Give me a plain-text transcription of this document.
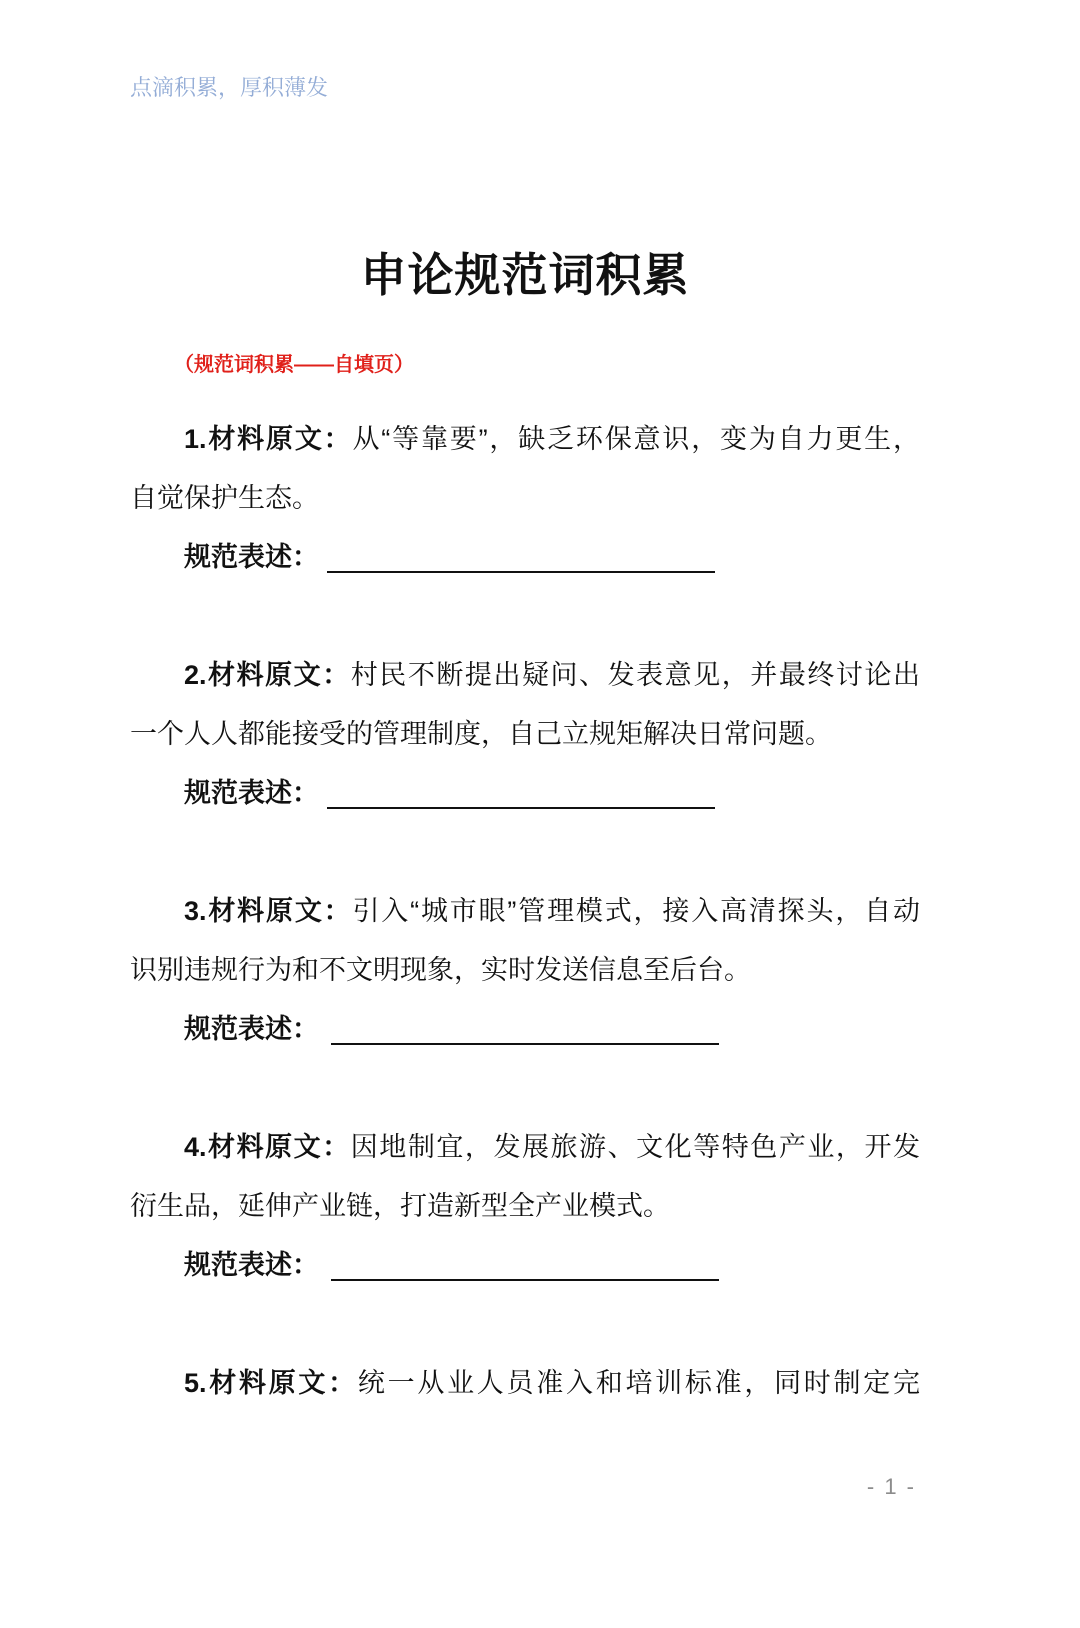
点滴积累，厚积薄发
申论规范词积累
（规范词积累——自填页）

1.材料原文：从“等靠要”，缺乏环保意识，变为自力更生，

自觉保护生态。

规范表述：

2.材料原文：村民不断提出疑问、发表意见，并最终讨论出

一个人人都能接受的管理制度，自己立规矩解决日常问题。

规范表述：

3.材料原文：引入“城市眼”管理模式，接入高清探头，自动

识别违规行为和不文明现象，实时发送信息至后台。

规范表述：

4.材料原文：因地制宜，发展旅游、文化等特色产业，开发

衍生品，延伸产业链，打造新型全产业模式。

规范表述：

5.材料原文：统一从业人员准入和培训标准，同时制定完

- 1 -
